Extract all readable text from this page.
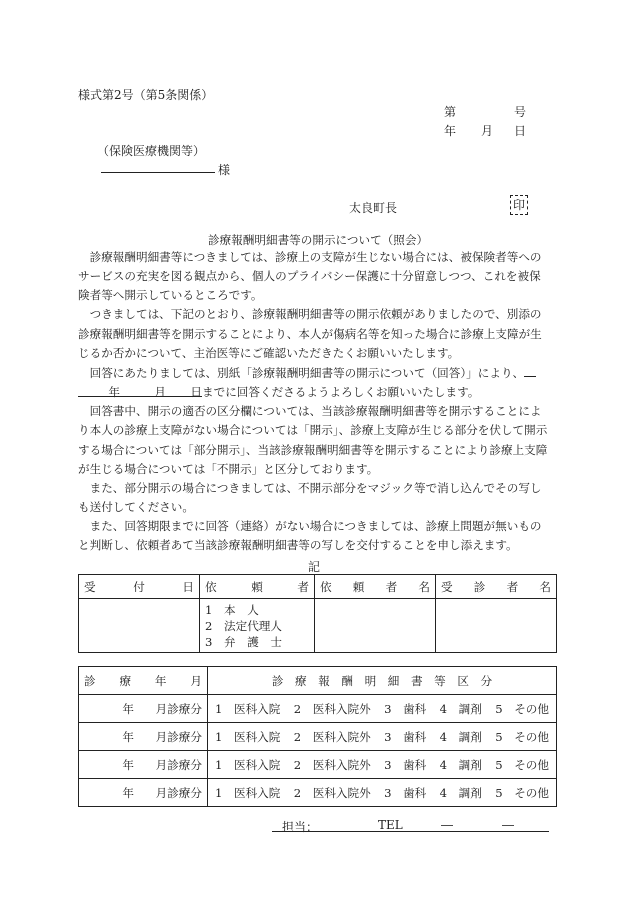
様式第2号（第5条関係）
第	号
年 月 日
（保険医療機関等）
様
太良町長	印
診療報酬明細書等の開示について（照会）

診療報酬明細書等につきましては、診療上の支障が生じない場合には、被保険者等へのサービスの充実を図る観点から、個人のプライバシー保護に十分留意しつつ、これを被保険者等へ開示しているところです。

つきましては、下記のとおり、診療報酬明細書等の開示依頼がありましたので、別添の診療報酬明細書等を開示することにより、本人が傷病名等を知った場合に診療上支障が生じるか否かについて、主治医等にご確認いただきたくお願いいたします。

回答にあたりましては、別紙「診療報酬明細書等の開示について（回答）」により、年	月 日までに回答くださるようよろしくお願いいたします。

回答書中、開示の適否の区分欄については、当該診療報酬明細書等を開示することにより本人の診療上支障がない場合については「開示」、診療上支障が生じる部分を伏して開示する場合については「部分開示」、当該診療報酬明細書等を開示することにより診療上支障が生じる場合については「不開示」と区分しております。

また、部分開示の場合につきましては、不開示部分をマジック等で消し込んでその写しも送付してください。

また、回答期限までに回答（連絡）がない場合につきましては、診療上問題が無いものと判断し、依頼者あて当該診療報酬明細書等の写しを交付することを申し添えます。

記
受 付 日	依 頼 者	依 頼 者 名	受 診 者 名

	1　 本　人
2　 法定代理人
3　 弁　護　士		

診 療 年 月	診　療　報　酬　明　細　書　等　区　分
年 月診療分	1　医科入院 2　医科入院外 3　歯科 4　調剤 5　その他

年 月診療分	1　医科入院 2　医科入院外 3　歯科 4　調剤 5　その他

年 月診療分	1　医科入院 2　医科入院外 3　歯科 4　調剤 5　その他

年 月診療分	1　医科入院 2　医科入院外 3　歯科 4　調剤 5　その他
担当：	TEL	―	―
